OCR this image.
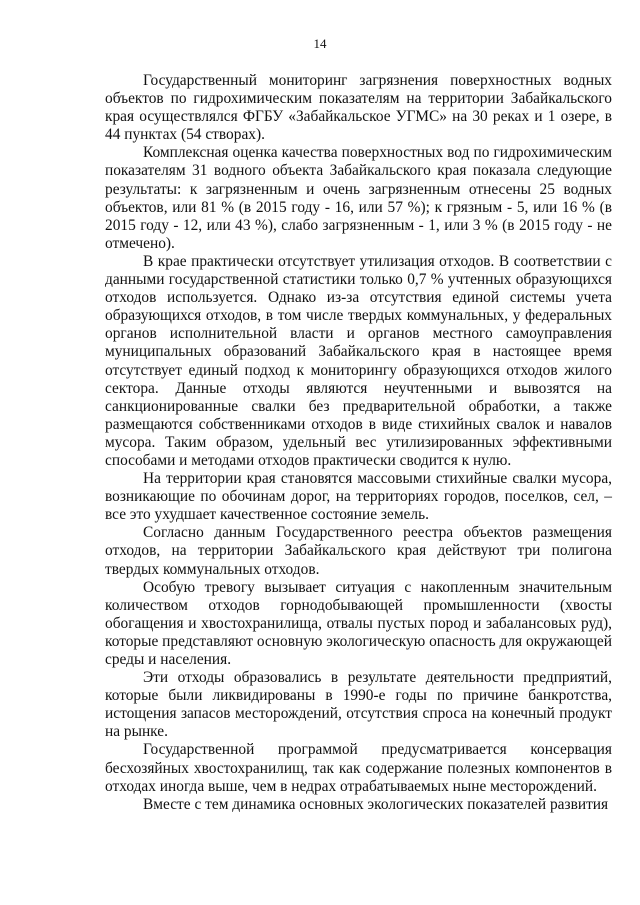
14

Государственный мониторинг загрязнения поверхностных водных объектов по гидрохимическим показателям на территории Забайкальского края осуществлялся ФГБУ «Забайкальское УГМС» на 30 реках и 1 озере, в 44 пунктах (54 створах).

Комплексная оценка качества поверхностных вод по гидрохимическим показателям 31 водного объекта Забайкальского края показала следующие результаты: к загрязненным и очень загрязненным отнесены 25 водных объектов, или 81 % (в 2015 году - 16, или 57 %); к грязным - 5, или 16 % (в 2015 году - 12, или 43 %), слабо загрязненным - 1, или 3 % (в 2015 году - не отмечено).

В крае практически отсутствует утилизация отходов. В соответствии с данными государственной статистики только 0,7 % учтенных образующихся отходов используется. Однако из-за отсутствия единой системы учета образующихся отходов, в том числе твердых коммунальных, у федеральных органов исполнительной власти и органов местного самоуправления муниципальных образований Забайкальского края в настоящее время отсутствует единый подход к мониторингу образующихся отходов жилого сектора. Данные отходы являются неучтенными и вывозятся на санкционированные свалки без предварительной обработки, а также размещаются собственниками отходов в виде стихийных свалок и навалов мусора. Таким образом, удельный вес утилизированных эффективными способами и методами отходов практически сводится к нулю.

На территории края становятся массовыми стихийные свалки мусора, возникающие по обочинам дорог, на территориях городов, поселков, сел, – все это ухудшает качественное состояние земель.

Согласно данным Государственного реестра объектов размещения отходов, на территории Забайкальского края действуют три полигона твердых коммунальных отходов.

Особую тревогу вызывает ситуация с накопленным значительным количеством отходов горнодобывающей промышленности (хвосты обогащения и хвостохранилища, отвалы пустых пород и забалансовых руд), которые представляют основную экологическую опасность для окружающей среды и населения.

Эти отходы образовались в результате деятельности предприятий, которые были ликвидированы в 1990-е годы по причине банкротства, истощения запасов месторождений, отсутствия спроса на конечный продукт на рынке.

Государственной программой предусматривается консервация бесхозяйных хвостохранилищ, так как содержание полезных компонентов в отходах иногда выше, чем в недрах отрабатываемых ныне месторождений.

Вместе с тем динамика основных экологических показателей развития
